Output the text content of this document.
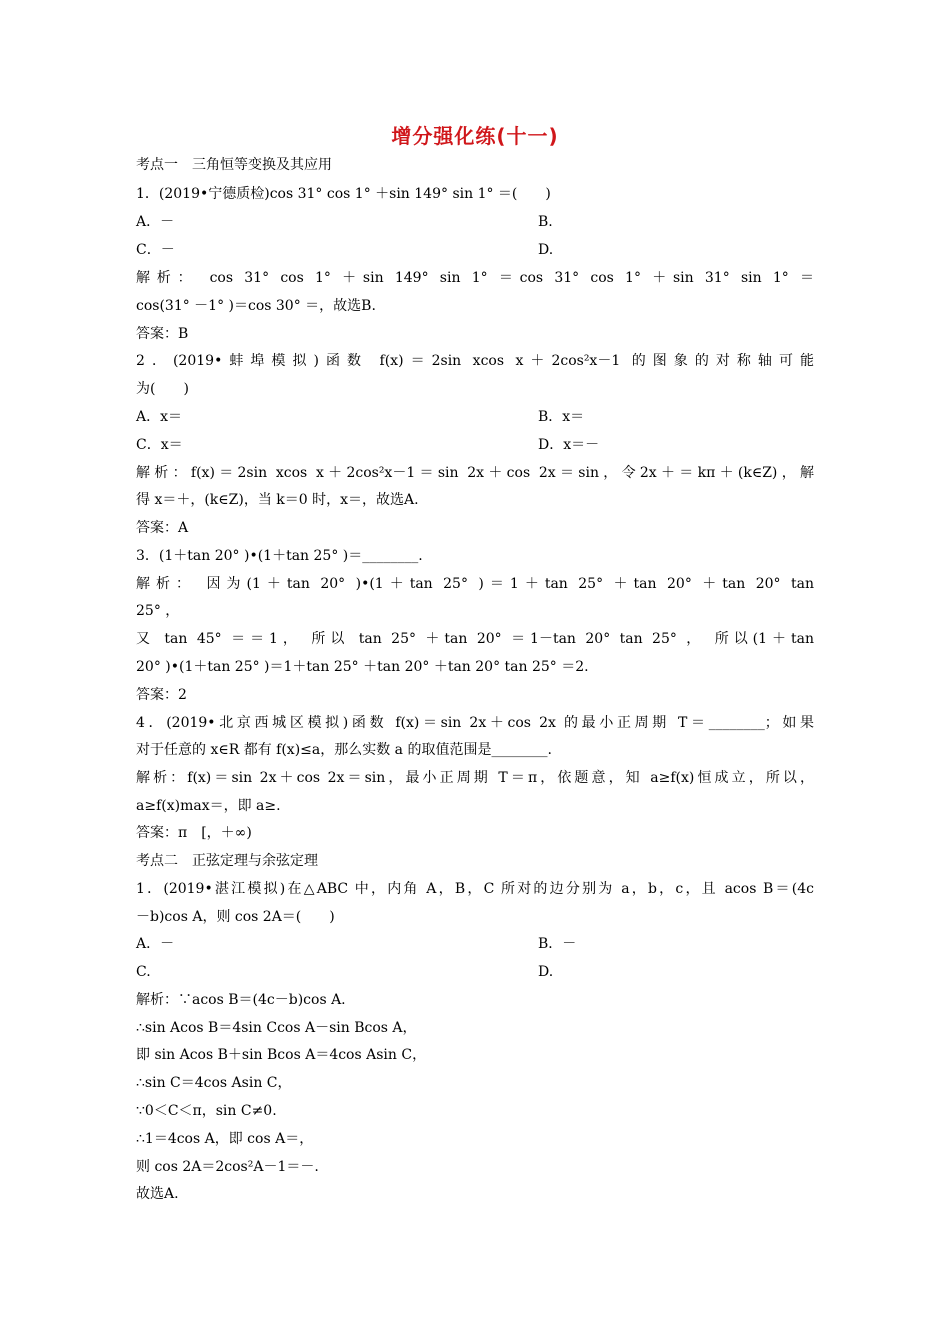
增分强化练(十一)
考点一　三角恒等变换及其应用
1．(2019•宁德质检)cos 31° cos 1° ＋sin 149° sin 1° ＝(　　)
A．－	B.
C．－	D.
解析： cos 31° cos 1° ＋sin 149° sin 1° ＝cos 31° cos 1° ＋sin 31° sin 1° ＝
cos(31° －1° )＝cos 30° ＝，故选B.
答案：B
2．(2019•蚌埠模拟)函数 f(x)＝2sin xcos x＋2cos²x－1 的图象的对称轴可能
为(　　)
A．x＝	B．x＝
C．x＝	D．x＝－
解析：f(x)＝2sin xcos x＋2cos²x－1＝sin 2x＋cos 2x＝sin，令2x＋＝kπ＋(k∈Z)，解
得 x＝＋，(k∈Z)，当 k＝0 时，x＝，故选A.
答案：A
3．(1＋tan 20° )•(1＋tan 25° )＝________.
解析： 因为(1＋tan 20° )•(1＋tan 25° )＝1＋tan 25° ＋tan 20° ＋tan 20° tan
25° ，
又 tan 45° ＝＝1， 所以 tan 25° ＋tan 20° ＝1－tan 20° tan 25° ， 所以(1＋tan
20° )•(1＋tan 25° )＝1＋tan 25° ＋tan 20° ＋tan 20° tan 25° ＝2.
答案：2
4．(2019•北京西城区模拟)函数 f(x)＝sin 2x＋cos 2x 的最小正周期 T＝________；如果
对于任意的 x∈R 都有 f(x)≤a，那么实数 a 的取值范围是________.
解析：f(x)＝sin 2x＋cos 2x＝sin，最小正周期 T＝π，依题意，知 a≥f(x)恒成立，所以，
a≥f(x)max＝，即 a≥.
答案：π　[，＋∞)
考点二　正弦定理与余弦定理
1．(2019•湛江模拟)在△ABC 中，内角 A，B，C 所对的边分别为 a，b，c，且 acos B＝(4c
－b)cos A，则 cos 2A＝(　　)
A．－	B．－
C.	D.
解析：∵acos B＝(4c－b)cos A.
∴sin Acos B＝4sin Ccos A－sin Bcos A，
即 sin Acos B＋sin Bcos A＝4cos Asin C，
∴sin C＝4cos Asin C，
∵0＜C＜π，sin C≠0.
∴1＝4cos A，即 cos A＝，
则 cos 2A＝2cos²A－1＝－.
故选A.
